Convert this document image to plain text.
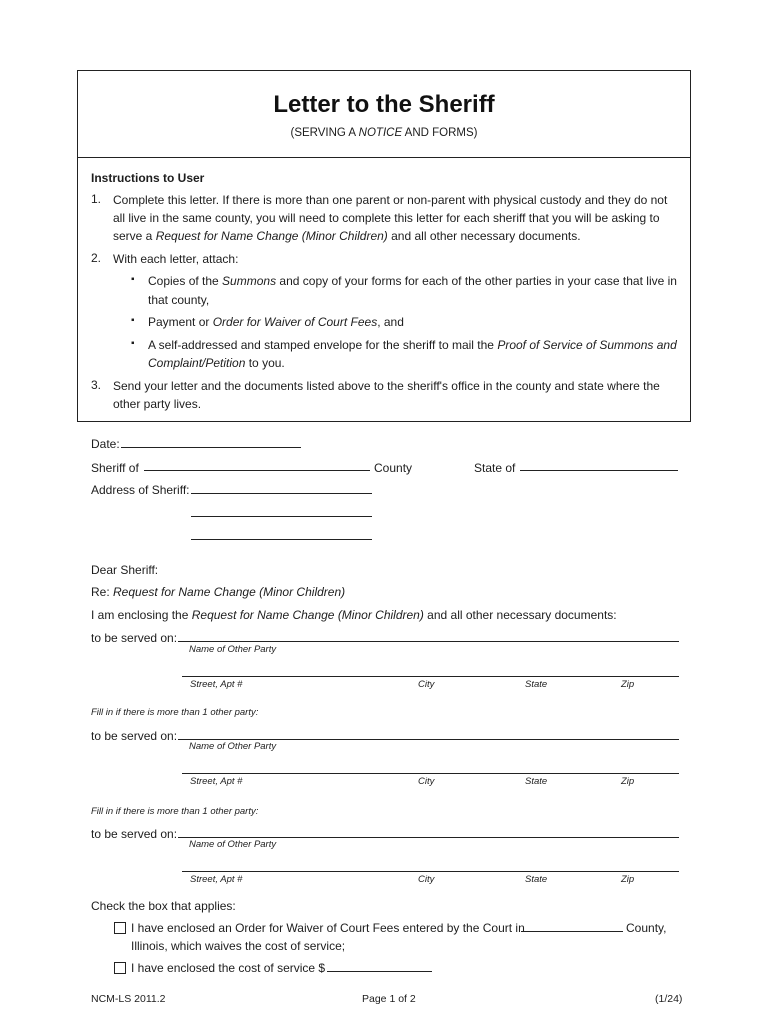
Letter to the Sheriff
(SERVING A NOTICE AND FORMS)
Instructions to User
1. Complete this letter. If there is more than one parent or non-parent with physical custody and they do not
all live in the same county, you will need to complete this letter for each sheriff that you will be asking to
serve a Request for Name Change (Minor Children) and all other necessary documents.
2. With each letter, attach:
▪ Copies of the Summons and copy of your forms for each of the other parties in your case that live in
that county,
▪ Payment or Order for Waiver of Court Fees, and
▪ A self-addressed and stamped envelope for the sheriff to mail the Proof of Service of Summons and
Complaint/Petition to you.
3. Send your letter and the documents listed above to the sheriff's office in the county and state where the
other party lives.
Date:
Sheriff of	County	State of
Address of Sheriff:
Dear Sheriff:
Re: Request for Name Change (Minor Children)
I am enclosing the Request for Name Change (Minor Children) and all other necessary documents:
to be served on:
Name of Other Party
Street, Apt #	City	State	Zip
Fill in if there is more than 1 other party:
to be served on:
Name of Other Party
Street, Apt #	City	State	Zip
Fill in if there is more than 1 other party:
to be served on:
Name of Other Party
Street, Apt #	City	State	Zip
Check the box that applies:
I have enclosed an Order for Waiver of Court Fees entered by the Court in	County,
Illinois, which waives the cost of service;
I have enclosed the cost of service $
NCM-LS 2011.2	Page 1 of 2	(1/24)
